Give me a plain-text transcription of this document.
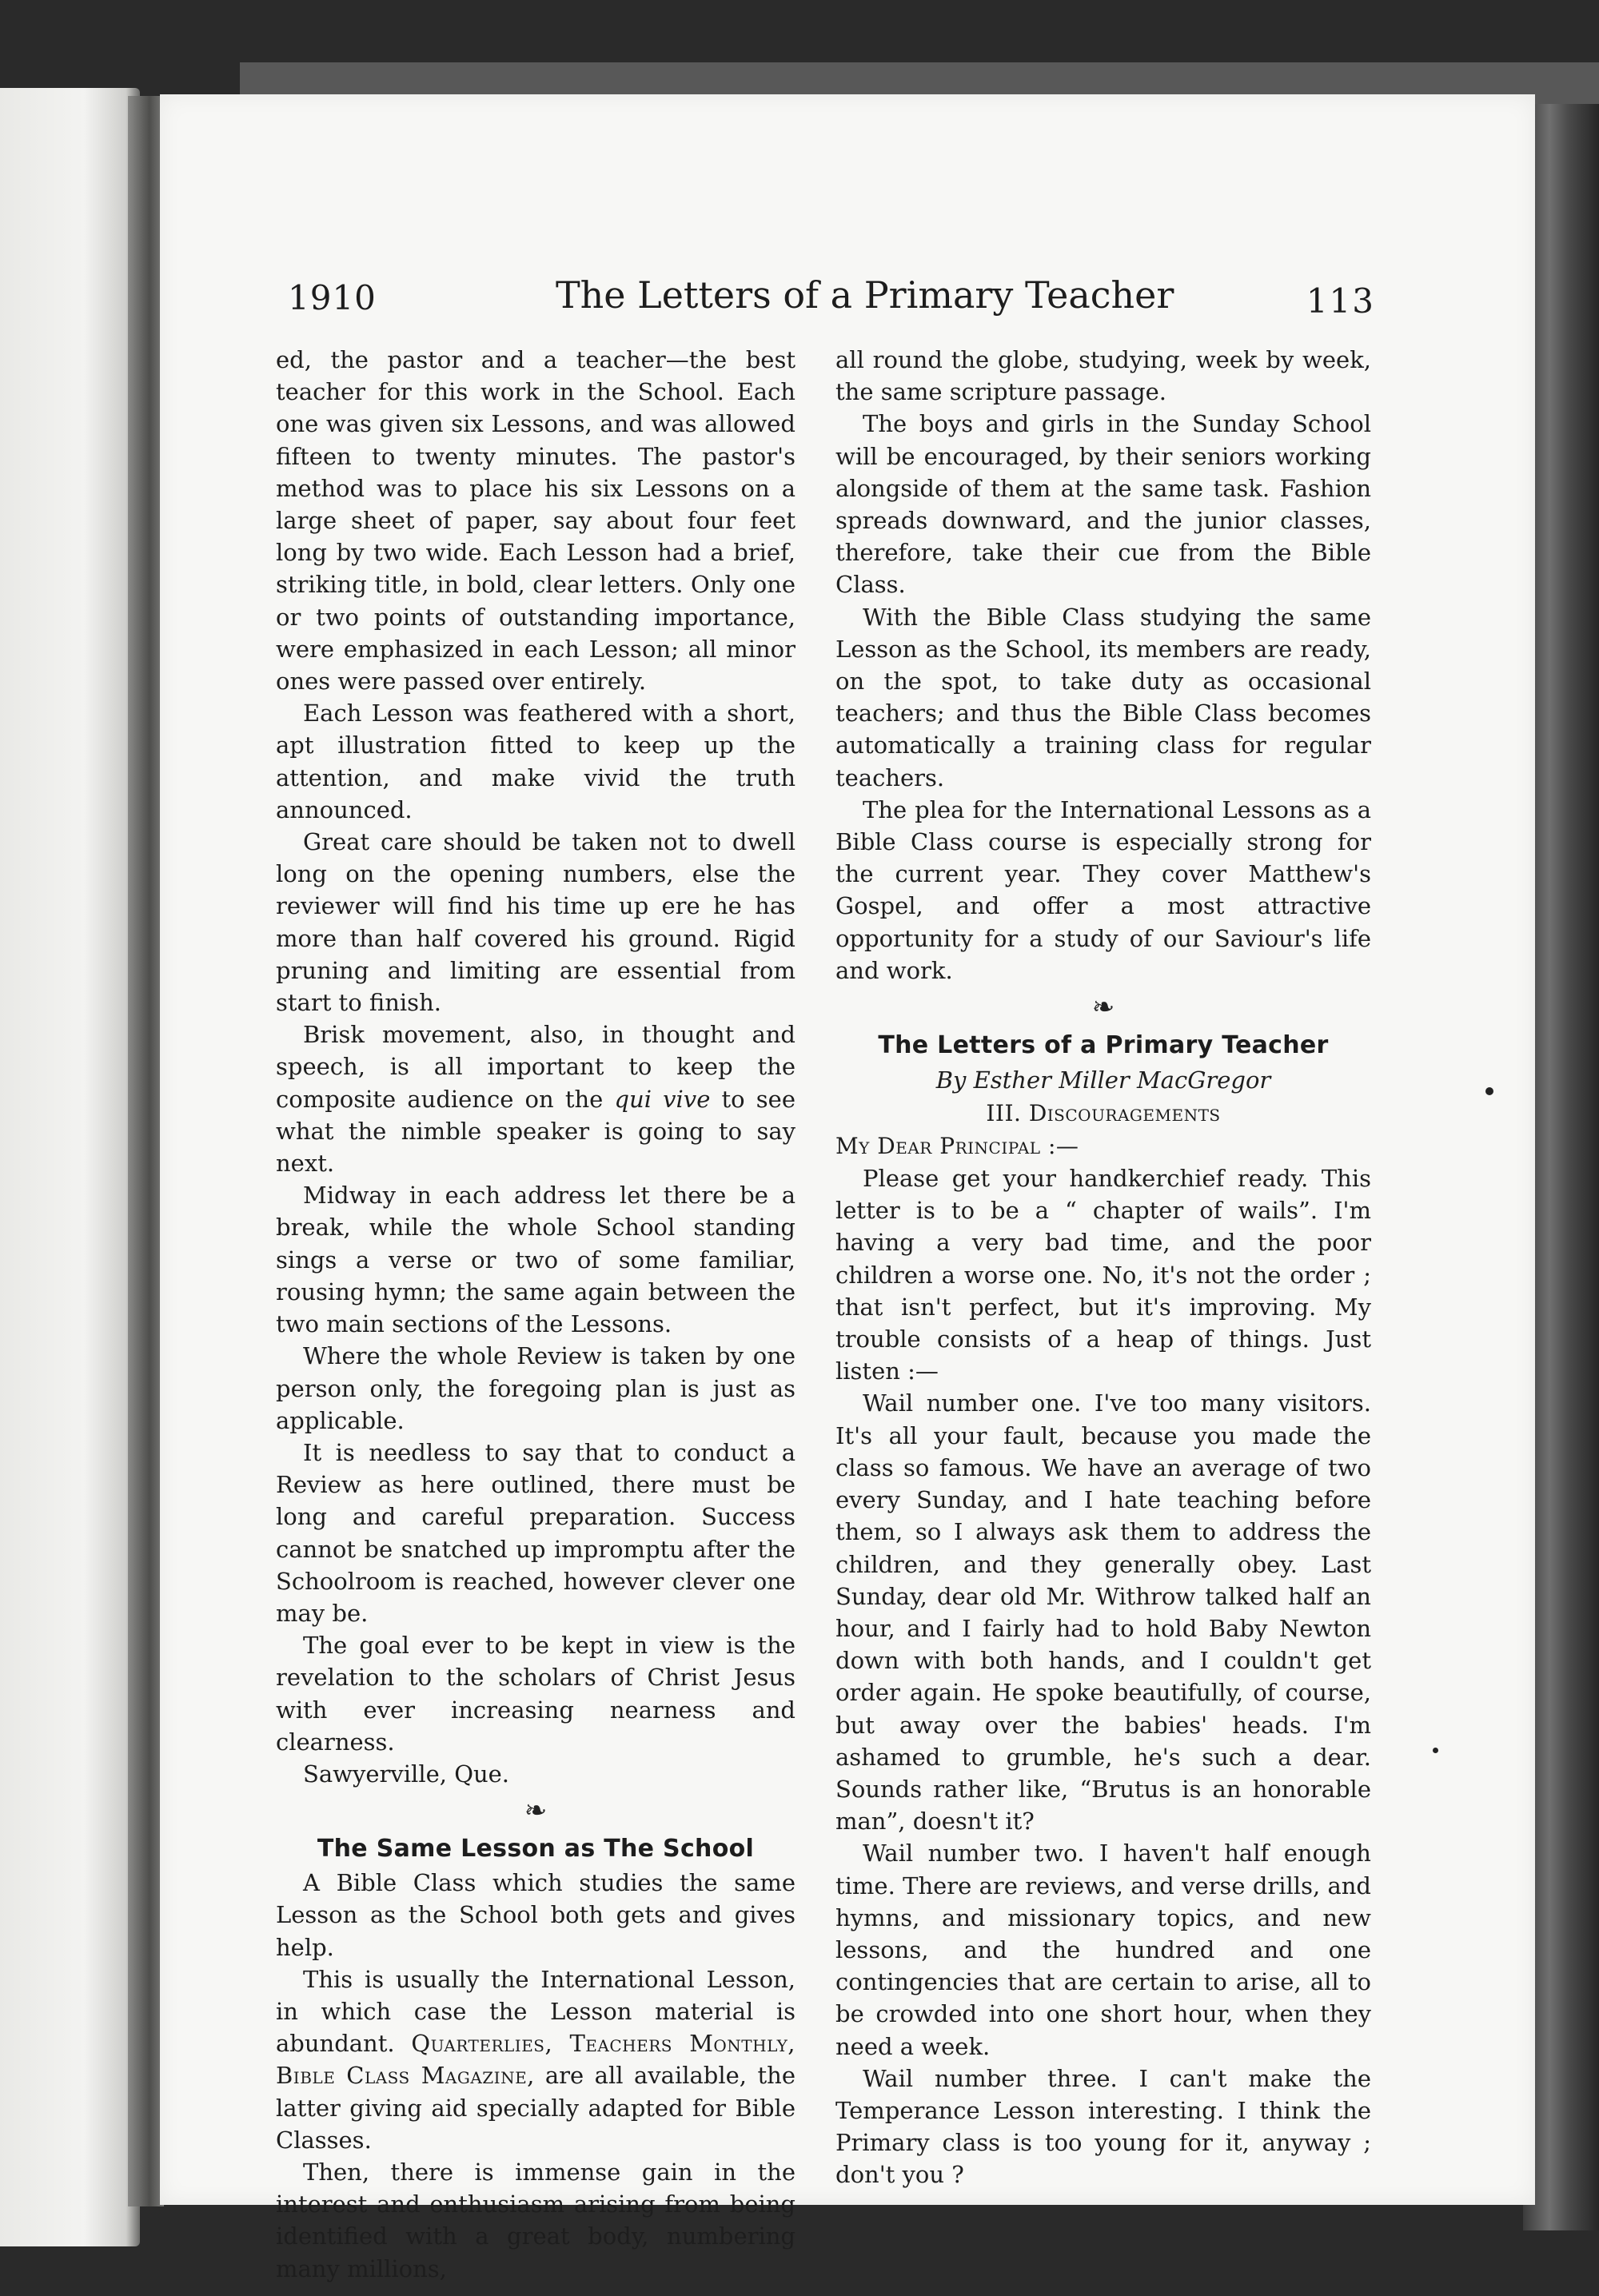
1910	The Letters of a Primary Teacher	113

ed, the pastor and a teacher—the best teacher for this work in the School. Each one was given six Lessons, and was allowed fifteen to twenty minutes. The pastor's method was to place his six Lessons on a large sheet of paper, say about four feet long by two wide. Each Lesson had a brief, striking title, in bold, clear letters. Only one or two points of outstanding importance, were emphasized in each Lesson; all minor ones were passed over entirely.

Each Lesson was feathered with a short, apt illustration fitted to keep up the attention, and make vivid the truth announced.

Great care should be taken not to dwell long on the opening numbers, else the reviewer will find his time up ere he has more than half covered his ground. Rigid pruning and limiting are essential from start to finish.

Brisk movement, also, in thought and speech, is all important to keep the composite audience on the qui vive to see what the nimble speaker is going to say next.

Midway in each address let there be a break, while the whole School standing sings a verse or two of some familiar, rousing hymn; the same again between the two main sections of the Lessons.

Where the whole Review is taken by one person only, the foregoing plan is just as applicable.

It is needless to say that to conduct a Review as here outlined, there must be long and careful preparation. Success cannot be snatched up impromptu after the Schoolroom is reached, however clever one may be.

The goal ever to be kept in view is the revelation to the scholars of Christ Jesus with ever increasing nearness and clearness.

Sawyerville, Que.

❧
The Same Lesson as The School

A Bible Class which studies the same Lesson as the School both gets and gives help.

This is usually the International Lesson, in which case the Lesson material is abundant. Quarterlies, Teachers Monthly, Bible Class Magazine, are all available, the latter giving aid specially adapted for Bible Classes.

Then, there is immense gain in the interest and enthusiasm arising from being identified with a great body, numbering many millions,

all round the globe, studying, week by week, the same scripture passage.

The boys and girls in the Sunday School will be encouraged, by their seniors working alongside of them at the same task. Fashion spreads downward, and the junior classes, therefore, take their cue from the Bible Class.

With the Bible Class studying the same Lesson as the School, its members are ready, on the spot, to take duty as occasional teachers; and thus the Bible Class becomes automatically a training class for regular teachers.

The plea for the International Lessons as a Bible Class course is especially strong for the current year. They cover Matthew's Gospel, and offer a most attractive opportunity for a study of our Saviour's life and work.

❧
The Letters of a Primary Teacher
By Esther Miller MacGregor
III. Discouragements

My Dear Principal :—

Please get your handkerchief ready. This letter is to be a “ chapter of wails”. I'm having a very bad time, and the poor children a worse one. No, it's not the order ; that isn't perfect, but it's improving. My trouble consists of a heap of things. Just listen :—

Wail number one. I've too many visitors. It's all your fault, because you made the class so famous. We have an average of two every Sunday, and I hate teaching before them, so I always ask them to address the children, and they generally obey. Last Sunday, dear old Mr. Withrow talked half an hour, and I fairly had to hold Baby Newton down with both hands, and I couldn't get order again. He spoke beautifully, of course, but away over the babies' heads. I'm ashamed to grumble, he's such a dear. Sounds rather like, “Brutus is an honorable man”, doesn't it?

Wail number two. I haven't half enough time. There are reviews, and verse drills, and hymns, and missionary topics, and new lessons, and the hundred and one contingencies that are certain to arise, all to be crowded into one short hour, when they need a week.

Wail number three. I can't make the Temperance Lesson interesting. I think the Primary class is too young for it, anyway ; don't you ?
